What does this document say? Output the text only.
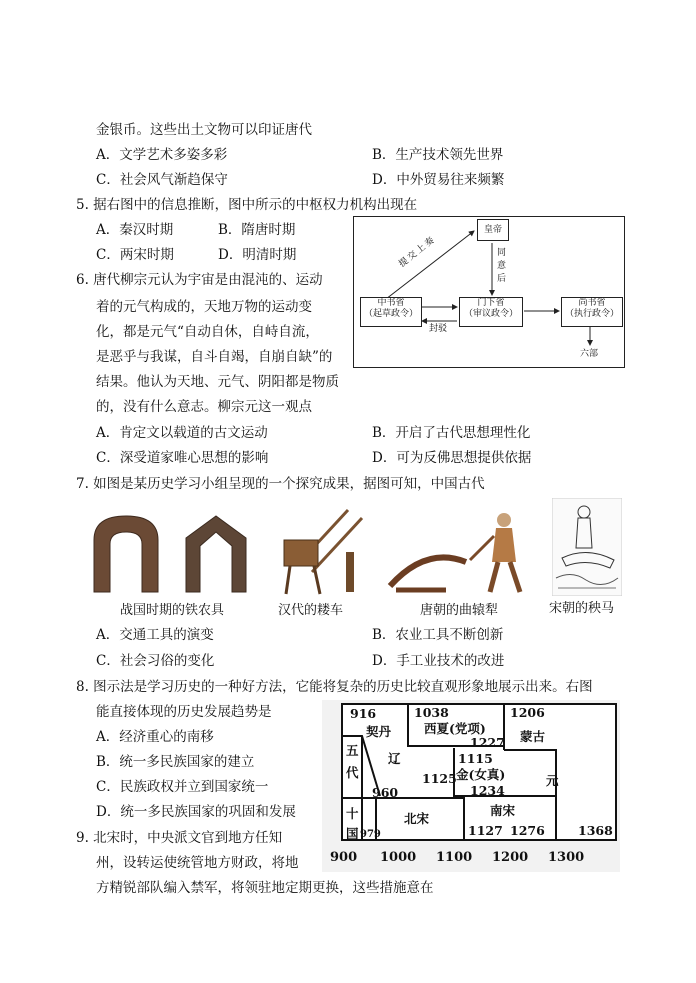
金银币。这些出土文物可以印证唐代
A．文学艺术多姿多彩	B．生产技术领先世界
C．社会风气渐趋保守	D．中外贸易往来频繁
5. 据右图中的信息推断，图中所示的中枢权力机构出现在
A．秦汉时期	B．隋唐时期
C．两宋时期	D．明清时期
皇帝
中书省
（起草政令）
门下省
（审议政令）
尚书省
（执行政令）
提交上奏	同意后
封驳
六部
6. 唐代柳宗元认为宇宙是由混沌的、运动
着的元气构成的，天地万物的运动变
化，都是元气“自动自休，自峙自流，
是恶乎与我谋，自斗自竭，自崩自缺”的
结果。他认为天地、元气、阴阳都是物质
的，没有什么意志。柳宗元这一观点
A．肯定文以载道的古文运动	B．开启了古代思想理性化
C．深受道家唯心思想的影响	D．可为反佛思想提供依据
7. 如图是某历史学习小组呈现的一个探究成果，据图可知，中国古代
战国时期的铁农具	汉代的耧车	唐朝的曲辕犁	宋朝的秧马
A．交通工具的演变	B．农业工具不断创新
C．社会习俗的变化	D．手工业技术的改进
8. 图示法是学习历史的一种好方法，它能将复杂的历史比较直观形象地展示出来。右图
能直接体现的历史发展趋势是
A．经济重心的南移
B．统一多民族国家的建立
C．民族政权并立到国家统一
D．统一多民族国家的巩固和发展
916
契丹
1038
西夏(党项)
1227
1206
蒙古
五代
辽	1115
1125 金(女真)
1234
元
960
十国 979
北宋
南宋
1127 1276	1368
900 1000 1100 1200 1300
9. 北宋时，中央派文官到地方任知
州，设转运使统管地方财政，将地
方精锐部队编入禁军，将领驻地定期更换，这些措施意在
